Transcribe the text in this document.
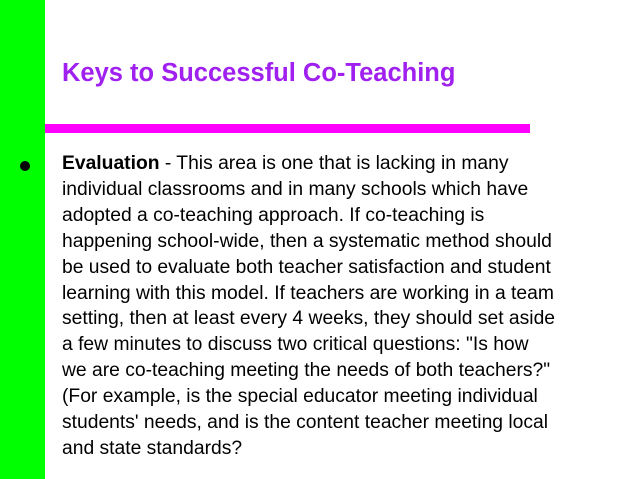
Keys to Successful Co-Teaching

Evaluation - This area is one that is lacking in many
individual classrooms and in many schools which have
adopted a co-teaching approach. If co-teaching is
happening school-wide, then a systematic method should
be used to evaluate both teacher satisfaction and student
learning with this model. If teachers are working in a team
setting, then at least every 4 weeks, they should set aside
a few minutes to discuss two critical questions: "Is how
we are co-teaching meeting the needs of both teachers?"
(For example, is the special educator meeting individual
students' needs, and is the content teacher meeting local
and state standards?
